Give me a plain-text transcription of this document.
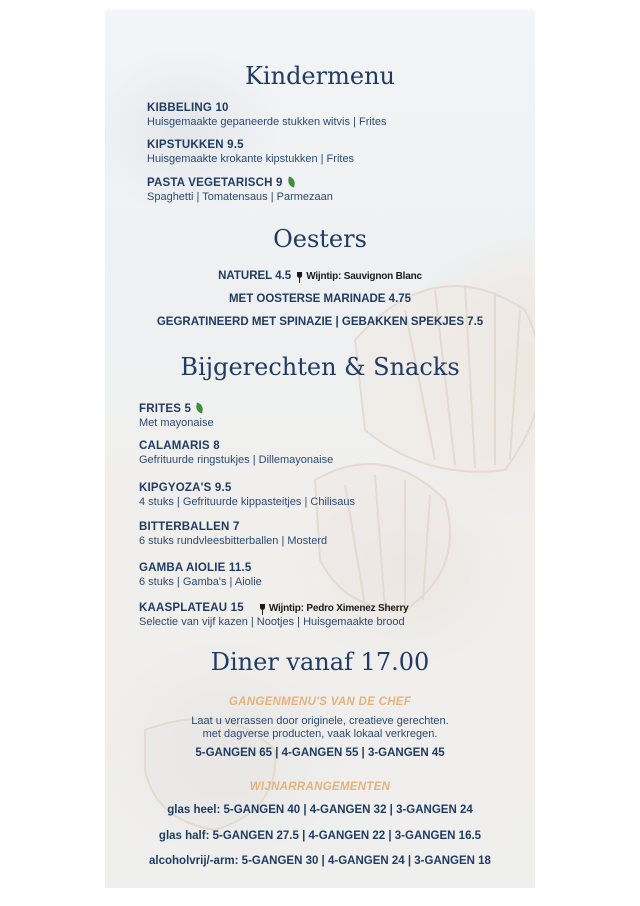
Kindermenu
KIBBELING 10
Huisgemaakte gepaneerde stukken witvis | Frites
KIPSTUKKEN 9.5
Huisgemaakte krokante kipstukken | Frites
PASTA VEGETARISCH 9
Spaghetti | Tomatensaus | Parmezaan
Oesters
NATUREL 4.5 Wijntip: Sauvignon Blanc
MET OOSTERSE MARINADE 4.75
GEGRATINEERD MET SPINAZIE | GEBAKKEN SPEKJES 7.5
Bijgerechten & Snacks
FRITES 5
Met mayonaise
CALAMARIS 8
Gefrituurde ringstukjes | Dillemayonaise
KIPGYOZA'S 9.5
4 stuks | Gefrituurde kippasteitjes | Chilisaus
BITTERBALLEN 7
6 stuks rundvleesbitterballen | Mosterd
GAMBA AIOLIE 11.5
6 stuks | Gamba's | Aiolie
KAASPLATEAU 15	Wijntip: Pedro Ximenez Sherry
Selectie van vijf kazen | Nootjes | Huisgemaakte brood
Diner vanaf 17.00
GANGENMENU'S VAN DE CHEF
Laat u verrassen door originele, creatieve gerechten.
met dagverse producten, vaak lokaal verkregen.
5-GANGEN 65 | 4-GANGEN 55 | 3-GANGEN 45
WIJNARRANGEMENTEN
glas heel: 5-GANGEN 40 | 4-GANGEN 32 | 3-GANGEN 24
glas half: 5-GANGEN 27.5 | 4-GANGEN 22 | 3-GANGEN 16.5
alcoholvrij/-arm: 5-GANGEN 30 | 4-GANGEN 24 | 3-GANGEN 18
